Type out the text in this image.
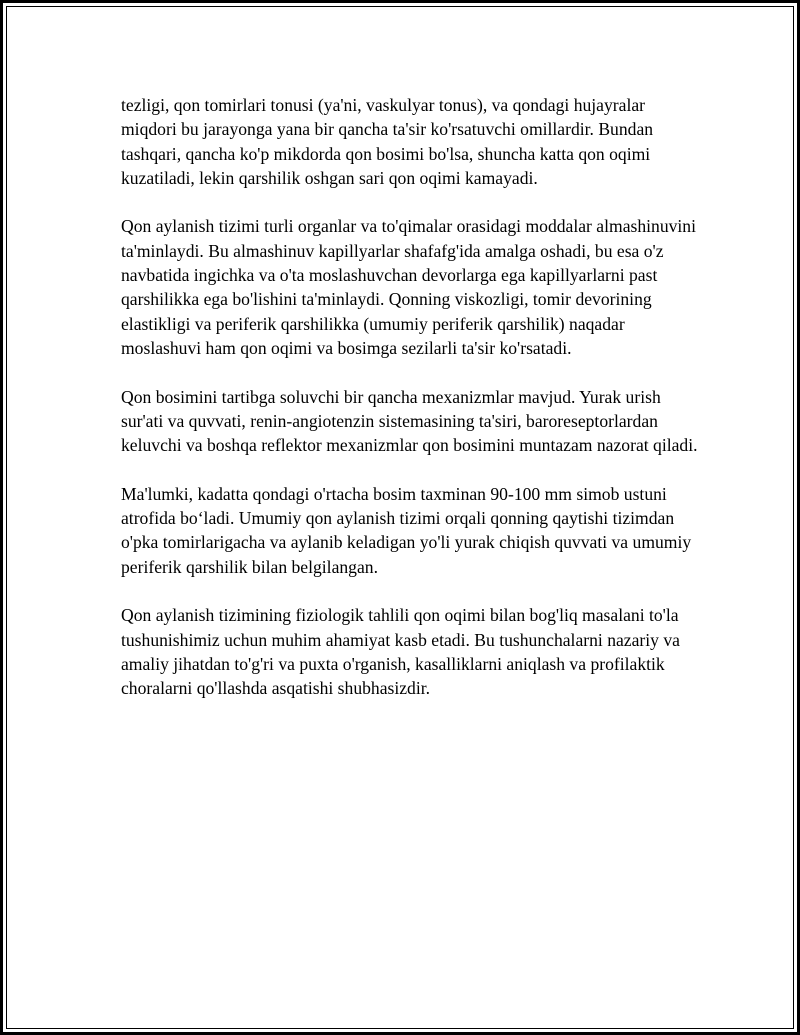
tezligi, qon tomirlari tonusi (ya'ni, vaskulyar tonus), va qondagi hujayralar miqdori bu jarayonga yana bir qancha ta'sir ko'rsatuvchi omillardir. Bundan tashqari, qancha ko'p mikdorda qon bosimi bo'lsa, shuncha katta qon oqimi kuzatiladi, lekin qarshilik oshgan sari qon oqimi kamayadi.

Qon aylanish tizimi turli organlar va to'qimalar orasidagi moddalar almashinuvini ta'minlaydi. Bu almashinuv kapillyarlar shafafg'ida amalga oshadi, bu esa o'z navbatida ingichka va o'ta moslashuvchan devorlarga ega kapillyarlarni past qarshilikka ega bo'lishini ta'minlaydi. Qonning viskozligi, tomir devorining elastikligi va periferik qarshilikka (umumiy periferik qarshilik) naqadar moslashuvi ham qon oqimi va bosimga sezilarli ta'sir ko'rsatadi.

Qon bosimini tartibga soluvchi bir qancha mexanizmlar mavjud. Yurak urish sur'ati va quvvati, renin-angiotenzin sistemasining ta'siri, baroreseptorlardan keluvchi va boshqa reflektor mexanizmlar qon bosimini muntazam nazorat qiladi.

Ma'lumki, kadatta qondagi o'rtacha bosim taxminan 90-100 mm simob ustuni atrofida bo‘ladi. Umumiy qon aylanish tizimi orqali qonning qaytishi tizimdan o'pka tomirlarigacha va aylanib keladigan yo'li yurak chiqish quvvati va umumiy periferik qarshilik bilan belgilangan.

Qon aylanish tizimining fiziologik tahlili qon oqimi bilan bog'liq masalani to'la tushunishimiz uchun muhim ahamiyat kasb etadi. Bu tushunchalarni nazariy va amaliy jihatdan to'g'ri va puxta o'rganish, kasalliklarni aniqlash va profilaktik choralarni qo'llashda asqatishi shubhasizdir.
